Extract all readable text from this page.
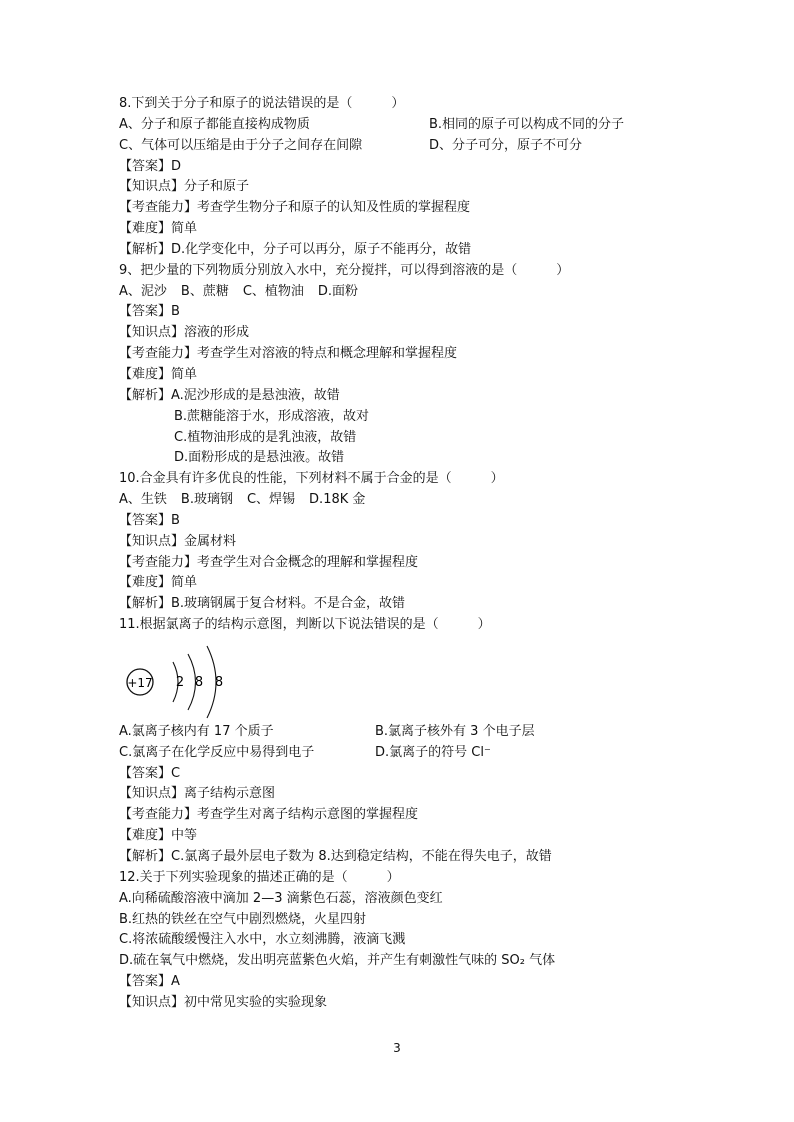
8.下到关于分子和原子的说法错误的是（　　　）
A、分子和原子都能直接构成物质	B.相同的原子可以构成不同的分子
C、气体可以压缩是由于分子之间存在间隙	D、分子可分，原子不可分
【答案】D
【知识点】分子和原子
【考查能力】考查学生物分子和原子的认知及性质的掌握程度
【难度】简单
【解析】D.化学变化中，分子可以再分，原子不能再分，故错
9、把少量的下列物质分别放入水中，充分搅拌，可以得到溶液的是（　　　）
A、泥沙 B、蔗糖 C、植物油 D.面粉
【答案】B
【知识点】溶液的形成
【考查能力】考查学生对溶液的特点和概念理解和掌握程度
【难度】简单
【解析】A.泥沙形成的是悬浊液，故错
B.蔗糖能溶于水，形成溶液，故对
C.植物油形成的是乳浊液，故错
D.面粉形成的是悬浊液。故错
10.合金具有许多优良的性能，下列材料不属于合金的是（　　　）
A、生铁 B.玻璃钢 C、焊锡 D.18K 金
【答案】B
【知识点】金属材料
【考查能力】考查学生对合金概念的理解和掌握程度
【难度】简单
【解析】B.玻璃钢属于复合材料。不是合金，故错
11.根据氯离子的结构示意图，判断以下说法错误的是（　　　）
+17 2 8 8
A.氯离子核内有 17 个质子	B.氯离子核外有 3 个电子层
C.氯离子在化学反应中易得到电子	D.氯离子的符号 Cl⁻
【答案】C
【知识点】离子结构示意图
【考查能力】考查学生对离子结构示意图的掌握程度
【难度】中等
【解析】C.氯离子最外层电子数为 8.达到稳定结构，不能在得失电子，故错
12.关于下列实验现象的描述正确的是（　　　）
A.向稀硫酸溶液中滴加 2—3 滴紫色石蕊，溶液颜色变红
B.红热的铁丝在空气中剧烈燃烧，火星四射
C.将浓硫酸缓慢注入水中，水立刻沸腾，液滴飞溅
D.硫在氧气中燃烧，发出明亮蓝紫色火焰，并产生有刺激性气味的 SO₂ 气体
【答案】A
【知识点】初中常见实验的实验现象
3
